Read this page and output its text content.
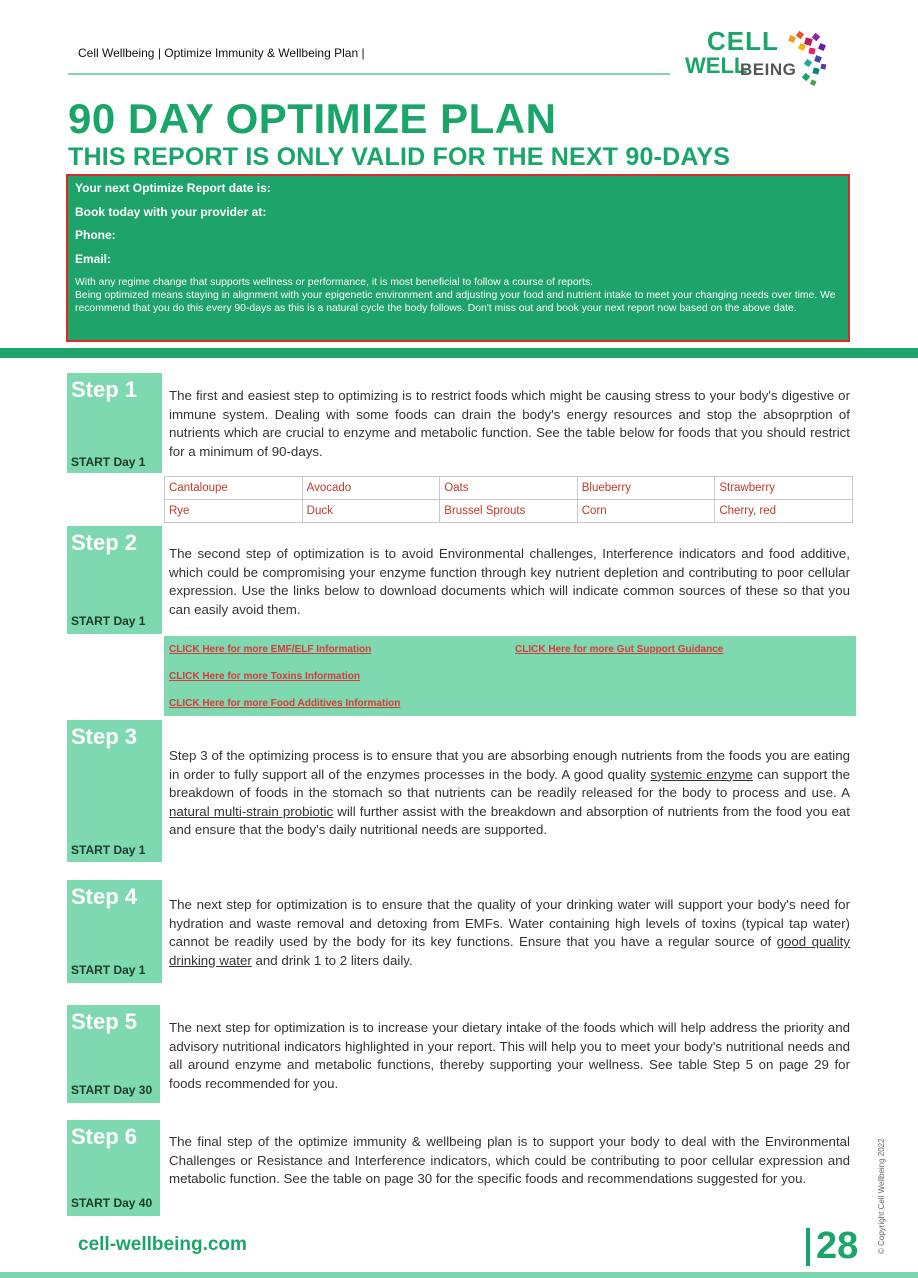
Cell Wellbeing | Optimize Immunity & Wellbeing Plan |	CELL
WELL
BEING
90 DAY OPTIMIZE PLAN
THIS REPORT IS ONLY VALID FOR THE NEXT 90-DAYS
Your next Optimize Report date is:
Book today with your provider at:
Phone:
Email:
With any regime change that supports wellness or performance, it is most beneficial to follow a course of reports.
Being optimized means staying in alignment with your epigenetic environment and adjusting your food and nutrient intake to meet your changing needs over time. We recommend that you do this every 90-days as this is a natural cycle the body follows. Don't miss out and book your next report now based on the above date.
Step 1
START Day 1
The first and easiest step to optimizing is to restrict foods which might be causing stress to your body's digestive or immune system. Dealing with some foods can drain the body's energy resources and stop the absoprption of nutrients which are crucial to enzyme and metabolic function. See the table below for foods that you should restrict for a minimum of 90-days.
Cantaloupe	Avocado	Oats	Blueberry	Strawberry
Rye	Duck	Brussel Sprouts	Corn	Cherry, red
Step 2
START Day 1
The second step of optimization is to avoid Environmental challenges, Interference indicators and food additive, which could be compromising your enzyme function through key nutrient depletion and contributing to poor cellular expression. Use the links below to download documents which will indicate common sources of these so that you can easily avoid them.
CLICK Here for more EMF/ELF Information	CLICK Here for more Gut Support Guidance
CLICK Here for more Toxins Information
CLICK Here for more Food Additives Information
Step 3
START Day 1
Step 3 of the optimizing process is to ensure that you are absorbing enough nutrients from the foods you are eating in order to fully support all of the enzymes processes in the body. A good quality systemic enzyme can support the breakdown of foods in the stomach so that nutrients can be readily released for the body to process and use. A natural multi-strain probiotic will further assist with the breakdown and absorption of nutrients from the food you eat and ensure that the body's daily nutritional needs are supported.
Step 4
START Day 1
The next step for optimization is to ensure that the quality of your drinking water will support your body's need for hydration and waste removal and detoxing from EMFs. Water containing high levels of toxins (typical tap water) cannot be readily used by the body for its key functions. Ensure that you have a regular source of good quality drinking water and drink 1 to 2 liters daily.
Step 5
START Day 30
The next step for optimization is to increase your dietary intake of the foods which will help address the priority and advisory nutritional indicators highlighted in your report. This will help you to meet your body's nutritional needs and all around enzyme and metabolic functions, thereby supporting your wellness. See table Step 5 on page 29 for foods recommended for you.
Step 6
START Day 40
The final step of the optimize immunity & wellbeing plan is to support your body to deal with the Environmental Challenges or Resistance and Interference indicators, which could be contributing to poor cellular expression and metabolic function. See the table on page 30 for the specific foods and recommendations suggested for you.
cell-wellbeing.com	28 © Copyright Cell Wellbeing 2022
